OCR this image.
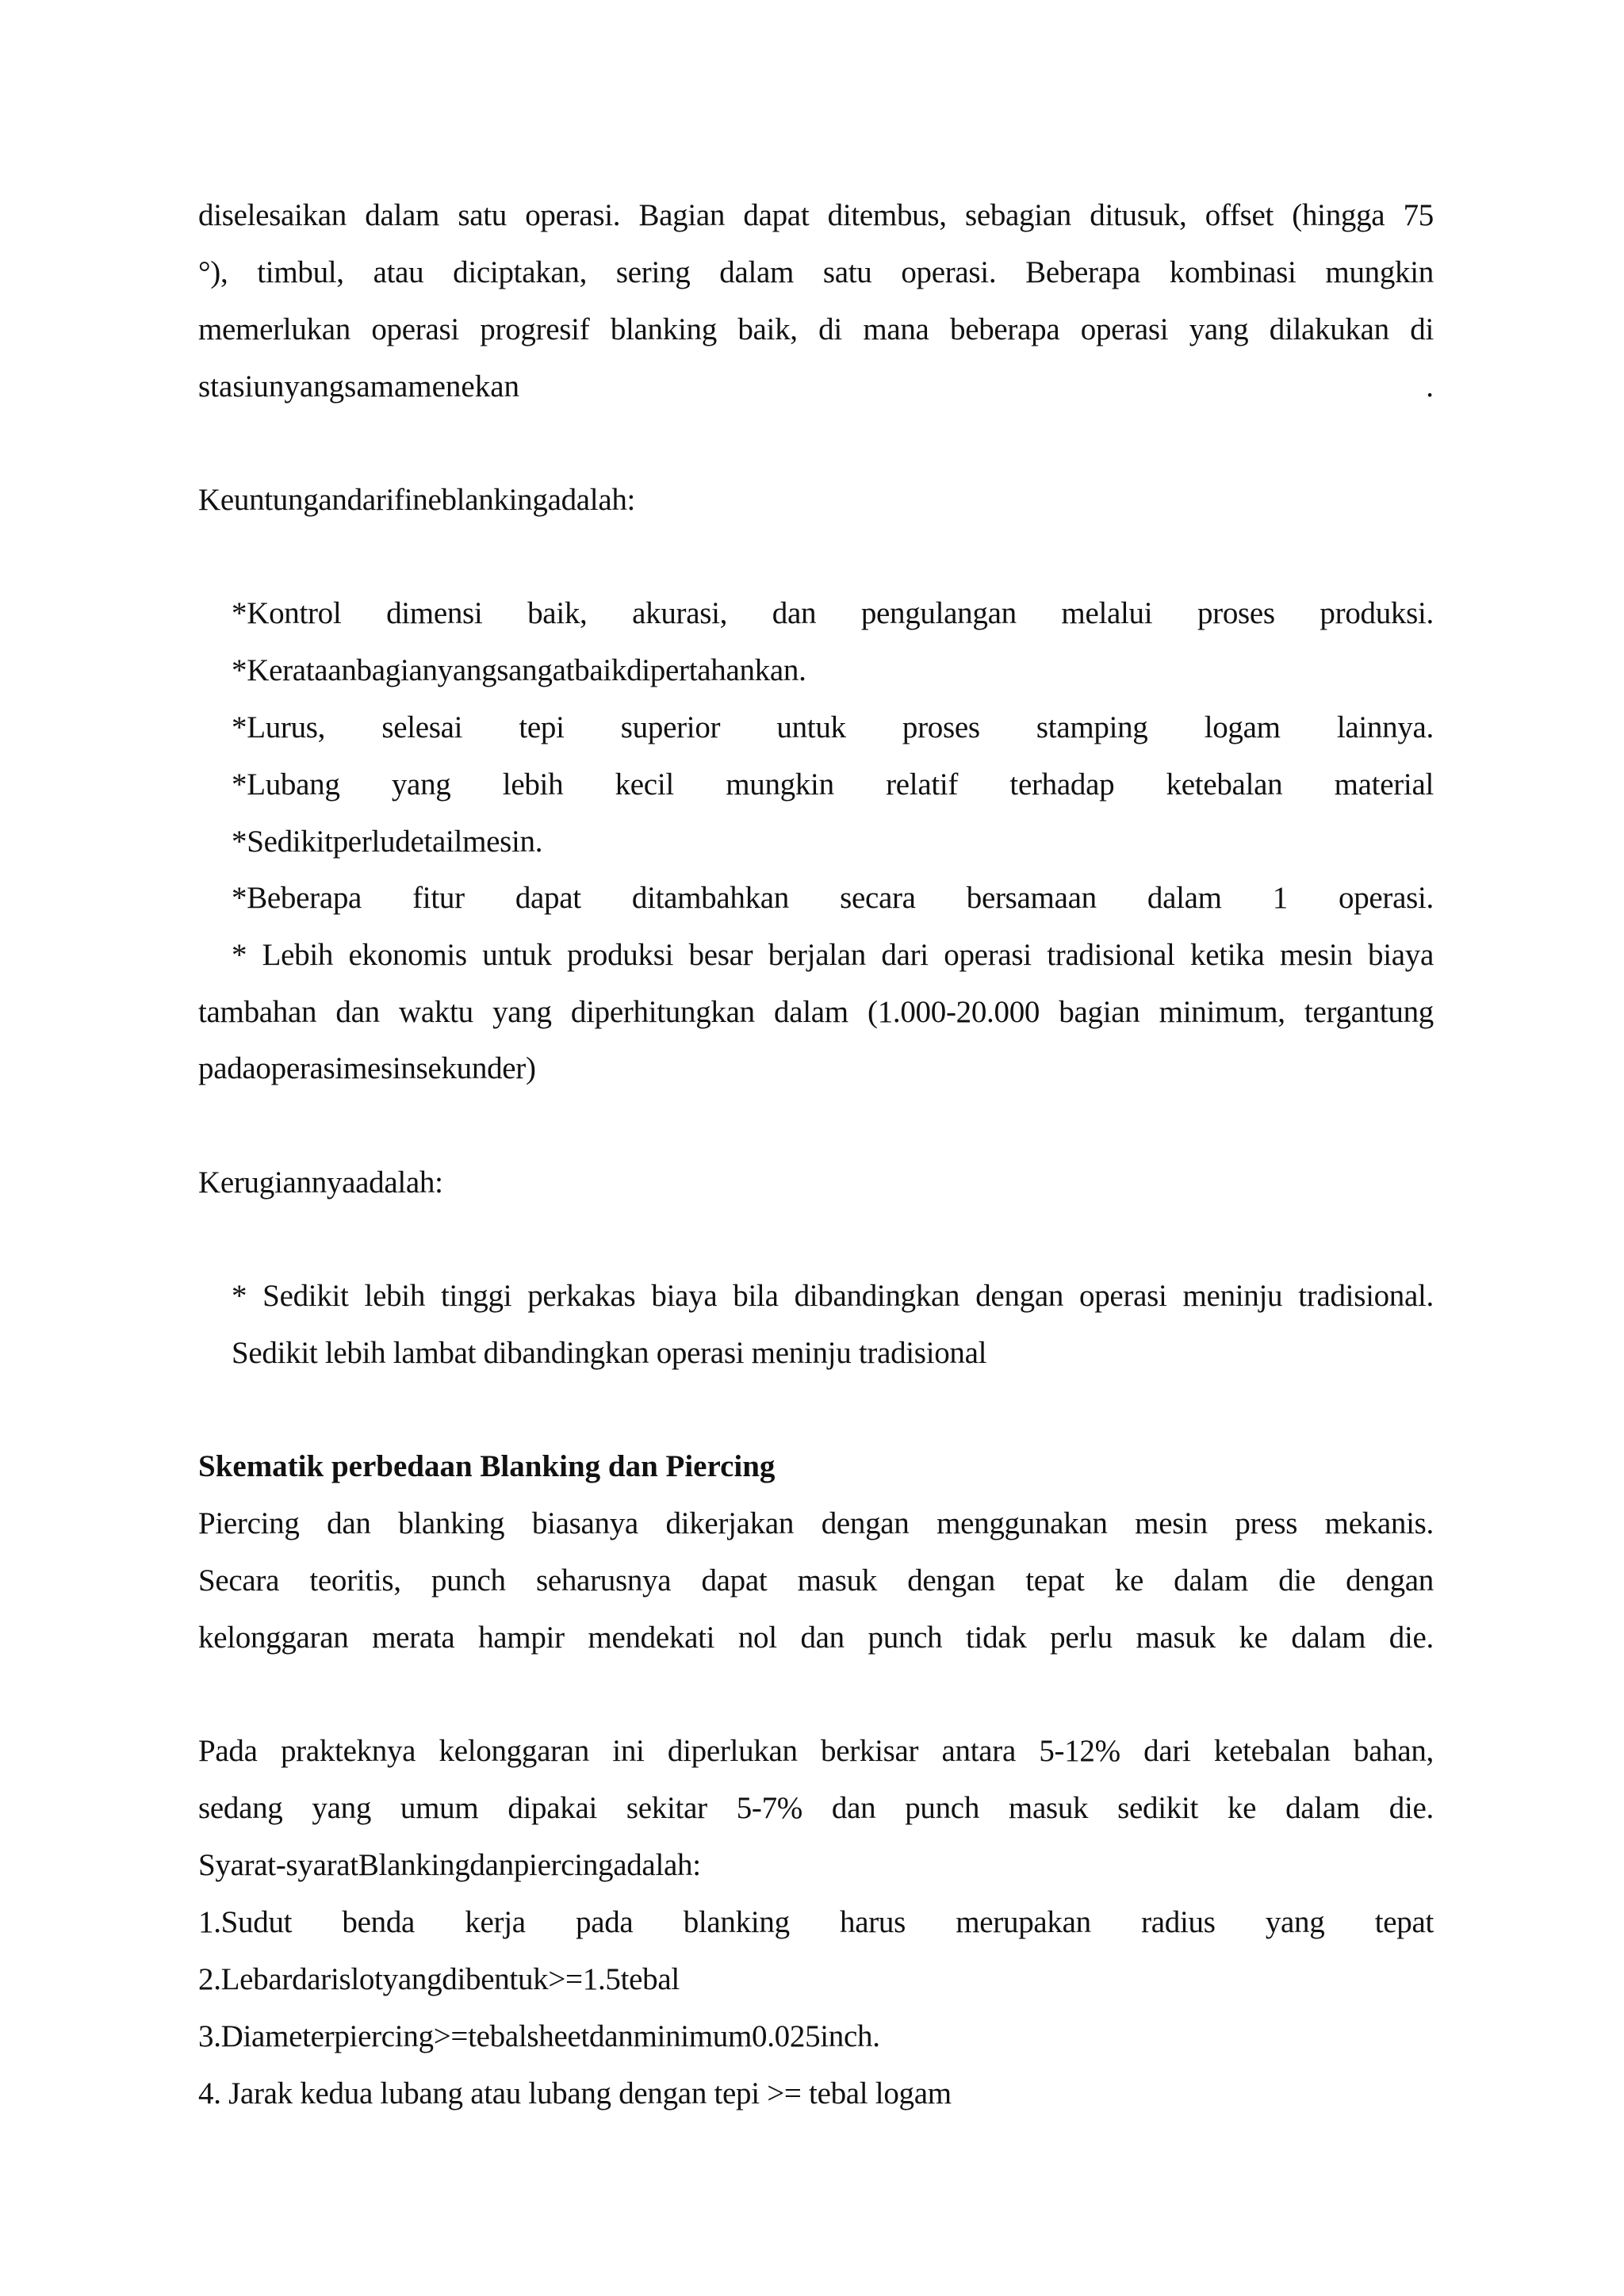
diselesaikan dalam satu operasi. Bagian dapat ditembus, sebagian ditusuk, offset (hingga 75
°), timbul, atau diciptakan, sering dalam satu operasi. Beberapa kombinasi mungkin
memerlukan operasi progresif blanking baik, di mana beberapa operasi yang dilakukan di
stasiunyangsamamenekan	.
Keuntungandarifineblankingadalah:
*Kontrol dimensi baik, akurasi, dan pengulangan melalui proses produksi.
*Kerataanbagianyangsangatbaikdipertahankan.
*Lurus, selesai tepi superior untuk proses stamping logam lainnya.
*Lubang yang lebih kecil mungkin relatif terhadap ketebalan material
*Sedikitperludetailmesin.
*Beberapa fitur dapat ditambahkan secara bersamaan dalam 1 operasi.
* Lebih ekonomis untuk produksi besar berjalan dari operasi tradisional ketika mesin biaya
tambahan dan waktu yang diperhitungkan dalam (1.000-20.000 bagian minimum, tergantung
padaoperasimesinsekunder)
Kerugiannyaadalah:
* Sedikit lebih tinggi perkakas biaya bila dibandingkan dengan operasi meninju tradisional.
Sedikit lebih lambat dibandingkan operasi meninju tradisional
Skematik perbedaan Blanking dan Piercing
Piercing dan blanking biasanya dikerjakan dengan menggunakan mesin press mekanis.
Secara teoritis, punch seharusnya dapat masuk dengan tepat ke dalam die dengan
kelonggaran merata hampir mendekati nol dan punch tidak perlu masuk ke dalam die.
Pada prakteknya kelonggaran ini diperlukan berkisar antara 5-12% dari ketebalan bahan,
sedang yang umum dipakai sekitar 5-7% dan punch masuk sedikit ke dalam die.
Syarat-syaratBlankingdanpiercingadalah:
1.Sudut benda kerja pada blanking harus merupakan radius yang tepat
2.Lebardarislotyangdibentuk>=1.5tebal
3.Diameterpiercing>=tebalsheetdanminimum0.025inch.
4. Jarak kedua lubang atau lubang dengan tepi >= tebal logam
